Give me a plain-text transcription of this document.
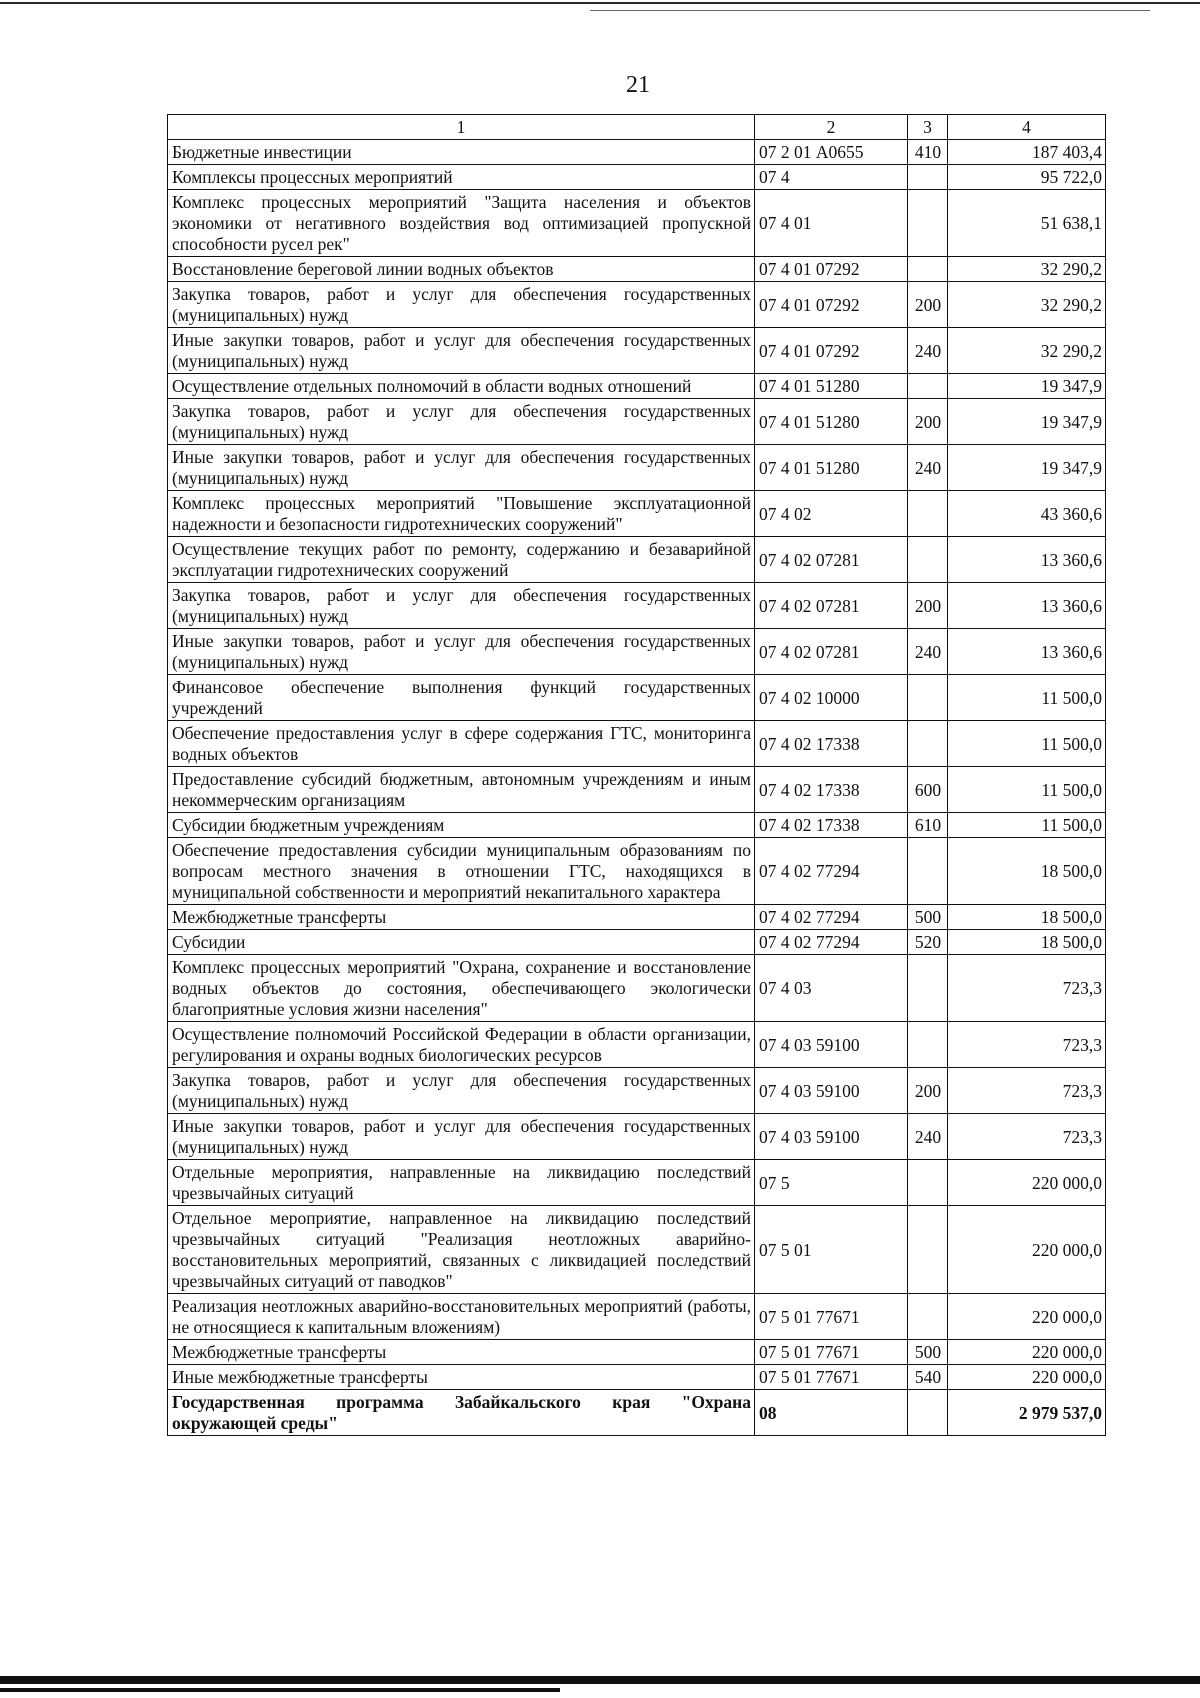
21
1	2	3	4
Бюджетные инвестиции	07 2 01 А0655	410	187 403,4
Комплексы процессных мероприятий	07 4		95 722,0
Комплекс процессных мероприятий "Защита населения и объектов экономики от негативного воздействия вод оптимизацией пропускной способности русел рек"	07 4 01		51 638,1
Восстановление береговой линии водных объектов	07 4 01 07292		32 290,2
Закупка товаров, работ и услуг для обеспечения государственных (муниципальных) нужд	07 4 01 07292	200	32 290,2
Иные закупки товаров, работ и услуг для обеспечения государственных (муниципальных) нужд	07 4 01 07292	240	32 290,2
Осуществление отдельных полномочий в области водных отношений	07 4 01 51280		19 347,9
Закупка товаров, работ и услуг для обеспечения государственных (муниципальных) нужд	07 4 01 51280	200	19 347,9
Иные закупки товаров, работ и услуг для обеспечения государственных (муниципальных) нужд	07 4 01 51280	240	19 347,9
Комплекс процессных мероприятий "Повышение эксплуатационной надежности и безопасности гидротехнических сооружений"	07 4 02		43 360,6
Осуществление текущих работ по ремонту, содержанию и безаварийной эксплуатации гидротехнических сооружений	07 4 02 07281		13 360,6
Закупка товаров, работ и услуг для обеспечения государственных (муниципальных) нужд	07 4 02 07281	200	13 360,6
Иные закупки товаров, работ и услуг для обеспечения государственных (муниципальных) нужд	07 4 02 07281	240	13 360,6
Финансовое обеспечение выполнения функций государственных учреждений	07 4 02 10000		11 500,0
Обеспечение предоставления услуг в сфере содержания ГТС, мониторинга водных объектов	07 4 02 17338		11 500,0
Предоставление субсидий бюджетным, автономным учреждениям и иным некоммерческим организациям	07 4 02 17338	600	11 500,0
Субсидии бюджетным учреждениям	07 4 02 17338	610	11 500,0
Обеспечение предоставления субсидии муниципальным образованиям по вопросам местного значения в отношении ГТС, находящихся в муниципальной собственности и мероприятий некапитального характера	07 4 02 77294		18 500,0
Межбюджетные трансферты	07 4 02 77294	500	18 500,0
Субсидии	07 4 02 77294	520	18 500,0
Комплекс процессных мероприятий "Охрана, сохранение и восстановление водных объектов до состояния, обеспечивающего экологически благоприятные условия жизни населения"	07 4 03		723,3
Осуществление полномочий Российской Федерации в области организации, регулирования и охраны водных биологических ресурсов	07 4 03 59100		723,3
Закупка товаров, работ и услуг для обеспечения государственных (муниципальных) нужд	07 4 03 59100	200	723,3
Иные закупки товаров, работ и услуг для обеспечения государственных (муниципальных) нужд	07 4 03 59100	240	723,3
Отдельные мероприятия, направленные на ликвидацию последствий чрезвычайных ситуаций	07 5		220 000,0
Отдельное мероприятие, направленное на ликвидацию последствий чрезвычайных ситуаций "Реализация неотложных аварийно-восстановительных мероприятий, связанных с ликвидацией последствий чрезвычайных ситуаций от паводков"	07 5 01		220 000,0
Реализация неотложных аварийно-восстановительных мероприятий (работы, не относящиеся к капитальным вложениям)	07 5 01 77671		220 000,0
Межбюджетные трансферты	07 5 01 77671	500	220 000,0
Иные межбюджетные трансферты	07 5 01 77671	540	220 000,0
Государственная программа Забайкальского края "Охрана окружающей среды"	08		2 979 537,0
